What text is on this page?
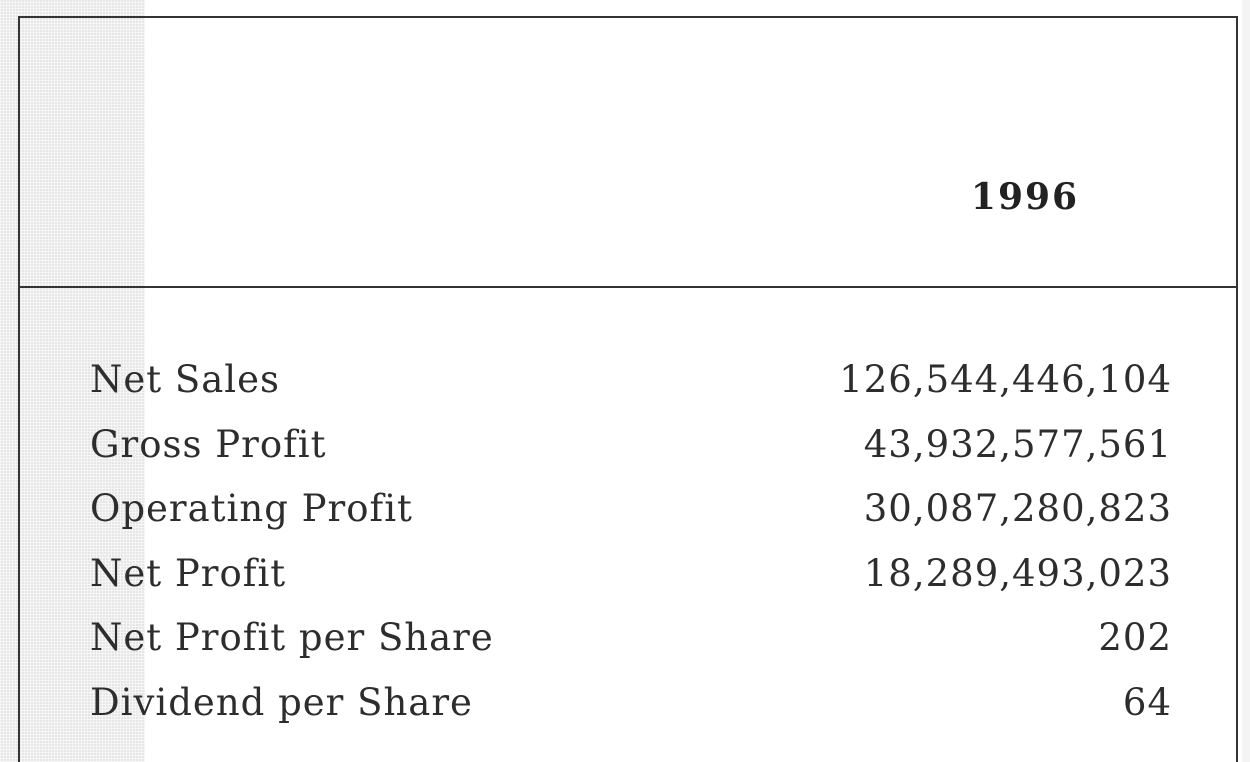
1996
Net Sales	126,544,446,104
Gross Profit	43,932,577,561
Operating Profit	30,087,280,823
Net Profit	18,289,493,023
Net Profit per Share	202
Dividend per Share	64
